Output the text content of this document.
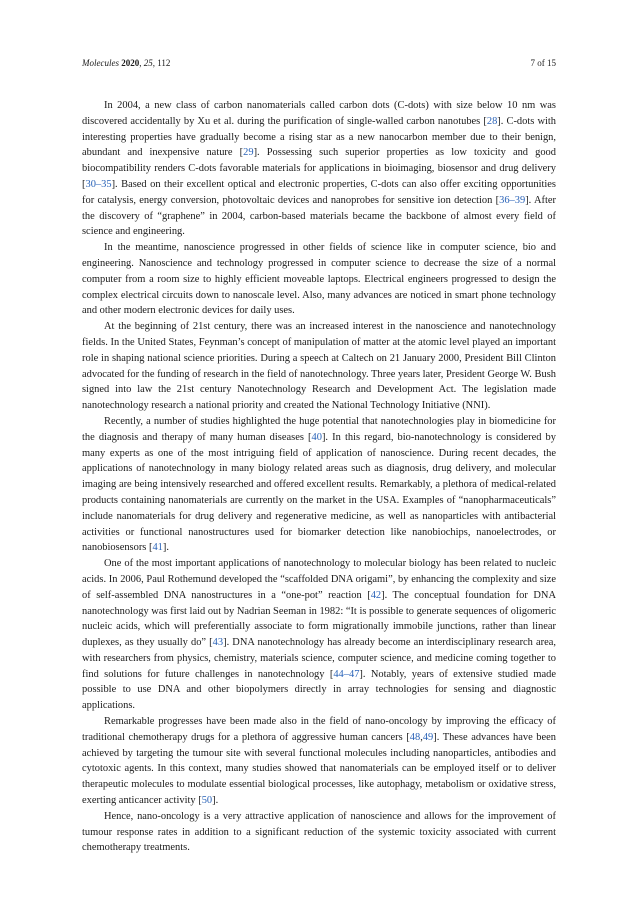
Molecules 2020, 25, 112	7 of 15

In 2004, a new class of carbon nanomaterials called carbon dots (C-dots) with size below 10 nm was discovered accidentally by Xu et al. during the purification of single-walled carbon nanotubes [28]. C-dots with interesting properties have gradually become a rising star as a new nanocarbon member due to their benign, abundant and inexpensive nature [29]. Possessing such superior properties as low toxicity and good biocompatibility renders C-dots favorable materials for applications in bioimaging, biosensor and drug delivery [30–35]. Based on their excellent optical and electronic properties, C-dots can also offer exciting opportunities for catalysis, energy conversion, photovoltaic devices and nanoprobes for sensitive ion detection [36–39]. After the discovery of “graphene” in 2004, carbon-based materials became the backbone of almost every field of science and engineering.

In the meantime, nanoscience progressed in other fields of science like in computer science, bio and engineering. Nanoscience and technology progressed in computer science to decrease the size of a normal computer from a room size to highly efficient moveable laptops. Electrical engineers progressed to design the complex electrical circuits down to nanoscale level. Also, many advances are noticed in smart phone technology and other modern electronic devices for daily uses.

At the beginning of 21st century, there was an increased interest in the nanoscience and nanotechnology fields. In the United States, Feynman’s concept of manipulation of matter at the atomic level played an important role in shaping national science priorities. During a speech at Caltech on 21 January 2000, President Bill Clinton advocated for the funding of research in the field of nanotechnology. Three years later, President George W. Bush signed into law the 21st century Nanotechnology Research and Development Act. The legislation made nanotechnology research a national priority and created the National Technology Initiative (NNI).

Recently, a number of studies highlighted the huge potential that nanotechnologies play in biomedicine for the diagnosis and therapy of many human diseases [40]. In this regard, bio-nanotechnology is considered by many experts as one of the most intriguing field of application of nanoscience. During recent decades, the applications of nanotechnology in many biology related areas such as diagnosis, drug delivery, and molecular imaging are being intensively researched and offered excellent results. Remarkably, a plethora of medical-related products containing nanomaterials are currently on the market in the USA. Examples of “nanopharmaceuticals” include nanomaterials for drug delivery and regenerative medicine, as well as nanoparticles with antibacterial activities or functional nanostructures used for biomarker detection like nanobiochips, nanoelectrodes, or nanobiosensors [41].

One of the most important applications of nanotechnology to molecular biology has been related to nucleic acids. In 2006, Paul Rothemund developed the “scaffolded DNA origami”, by enhancing the complexity and size of self-assembled DNA nanostructures in a “one-pot” reaction [42]. The conceptual foundation for DNA nanotechnology was first laid out by Nadrian Seeman in 1982: “It is possible to generate sequences of oligomeric nucleic acids, which will preferentially associate to form migrationally immobile junctions, rather than linear duplexes, as they usually do” [43]. DNA nanotechnology has already become an interdisciplinary research area, with researchers from physics, chemistry, materials science, computer science, and medicine coming together to find solutions for future challenges in nanotechnology [44–47]. Notably, years of extensive studied made possible to use DNA and other biopolymers directly in array technologies for sensing and diagnostic applications.

Remarkable progresses have been made also in the field of nano-oncology by improving the efficacy of traditional chemotherapy drugs for a plethora of aggressive human cancers [48,49]. These advances have been achieved by targeting the tumour site with several functional molecules including nanoparticles, antibodies and cytotoxic agents. In this context, many studies showed that nanomaterials can be employed itself or to deliver therapeutic molecules to modulate essential biological processes, like autophagy, metabolism or oxidative stress, exerting anticancer activity [50].

Hence, nano-oncology is a very attractive application of nanoscience and allows for the improvement of tumour response rates in addition to a significant reduction of the systemic toxicity associated with current chemotherapy treatments.
